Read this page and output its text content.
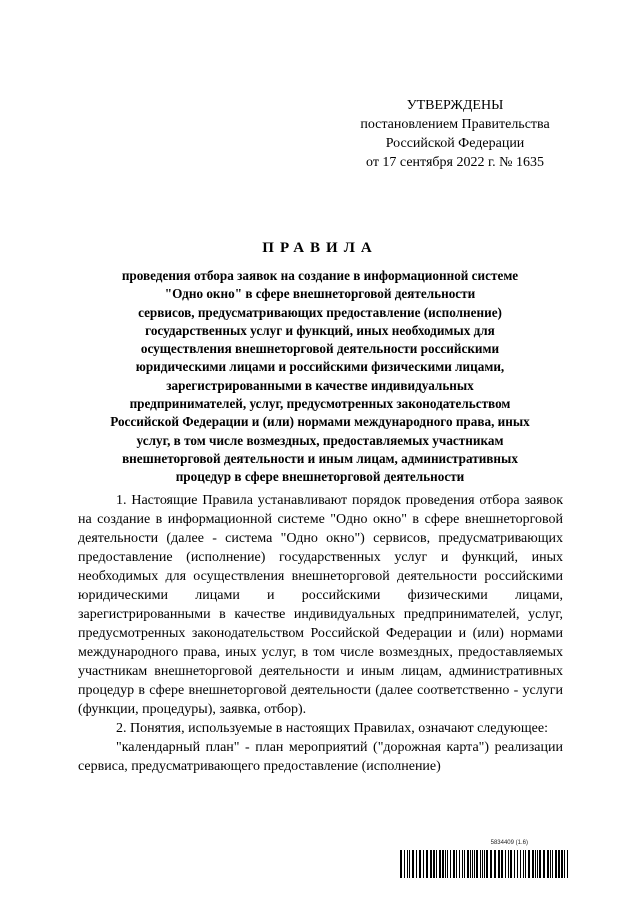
УТВЕРЖДЕНЫ
постановлением Правительства
Российской Федерации
от 17 сентября 2022 г. № 1635
ПРАВИЛА
проведения отбора заявок на создание в информационной системе
"Одно окно" в сфере внешнеторговой деятельности
сервисов, предусматривающих предоставление (исполнение)
государственных услуг и функций, иных необходимых для
осуществления внешнеторговой деятельности российскими
юридическими лицами и российскими физическими лицами,
зарегистрированными в качестве индивидуальных
предпринимателей, услуг, предусмотренных законодательством
Российской Федерации и (или) нормами международного права, иных
услуг, в том числе возмездных, предоставляемых участникам
внешнеторговой деятельности и иным лицам, административных
процедур в сфере внешнеторговой деятельности

1. Настоящие Правила устанавливают порядок проведения отбора заявок на создание в информационной системе "Одно окно" в сфере внешнеторговой деятельности (далее - система "Одно окно") сервисов, предусматривающих предоставление (исполнение) государственных услуг и функций, иных необходимых для осуществления внешнеторговой деятельности российскими юридическими лицами и российскими физическими лицами, зарегистрированными в качестве индивидуальных предпринимателей, услуг, предусмотренных законодательством Российской Федерации и (или) нормами международного права, иных услуг, в том числе возмездных, предоставляемых участникам внешнеторговой деятельности и иным лицам, административных процедур в сфере внешнеторговой деятельности (далее соответственно - услуги (функции, процедуры), заявка, отбор).

2. Понятия, используемые в настоящих Правилах, означают следующее:

"календарный план" - план мероприятий ("дорожная карта") реализации сервиса, предусматривающего предоставление (исполнение)

5834409 (1.6)
